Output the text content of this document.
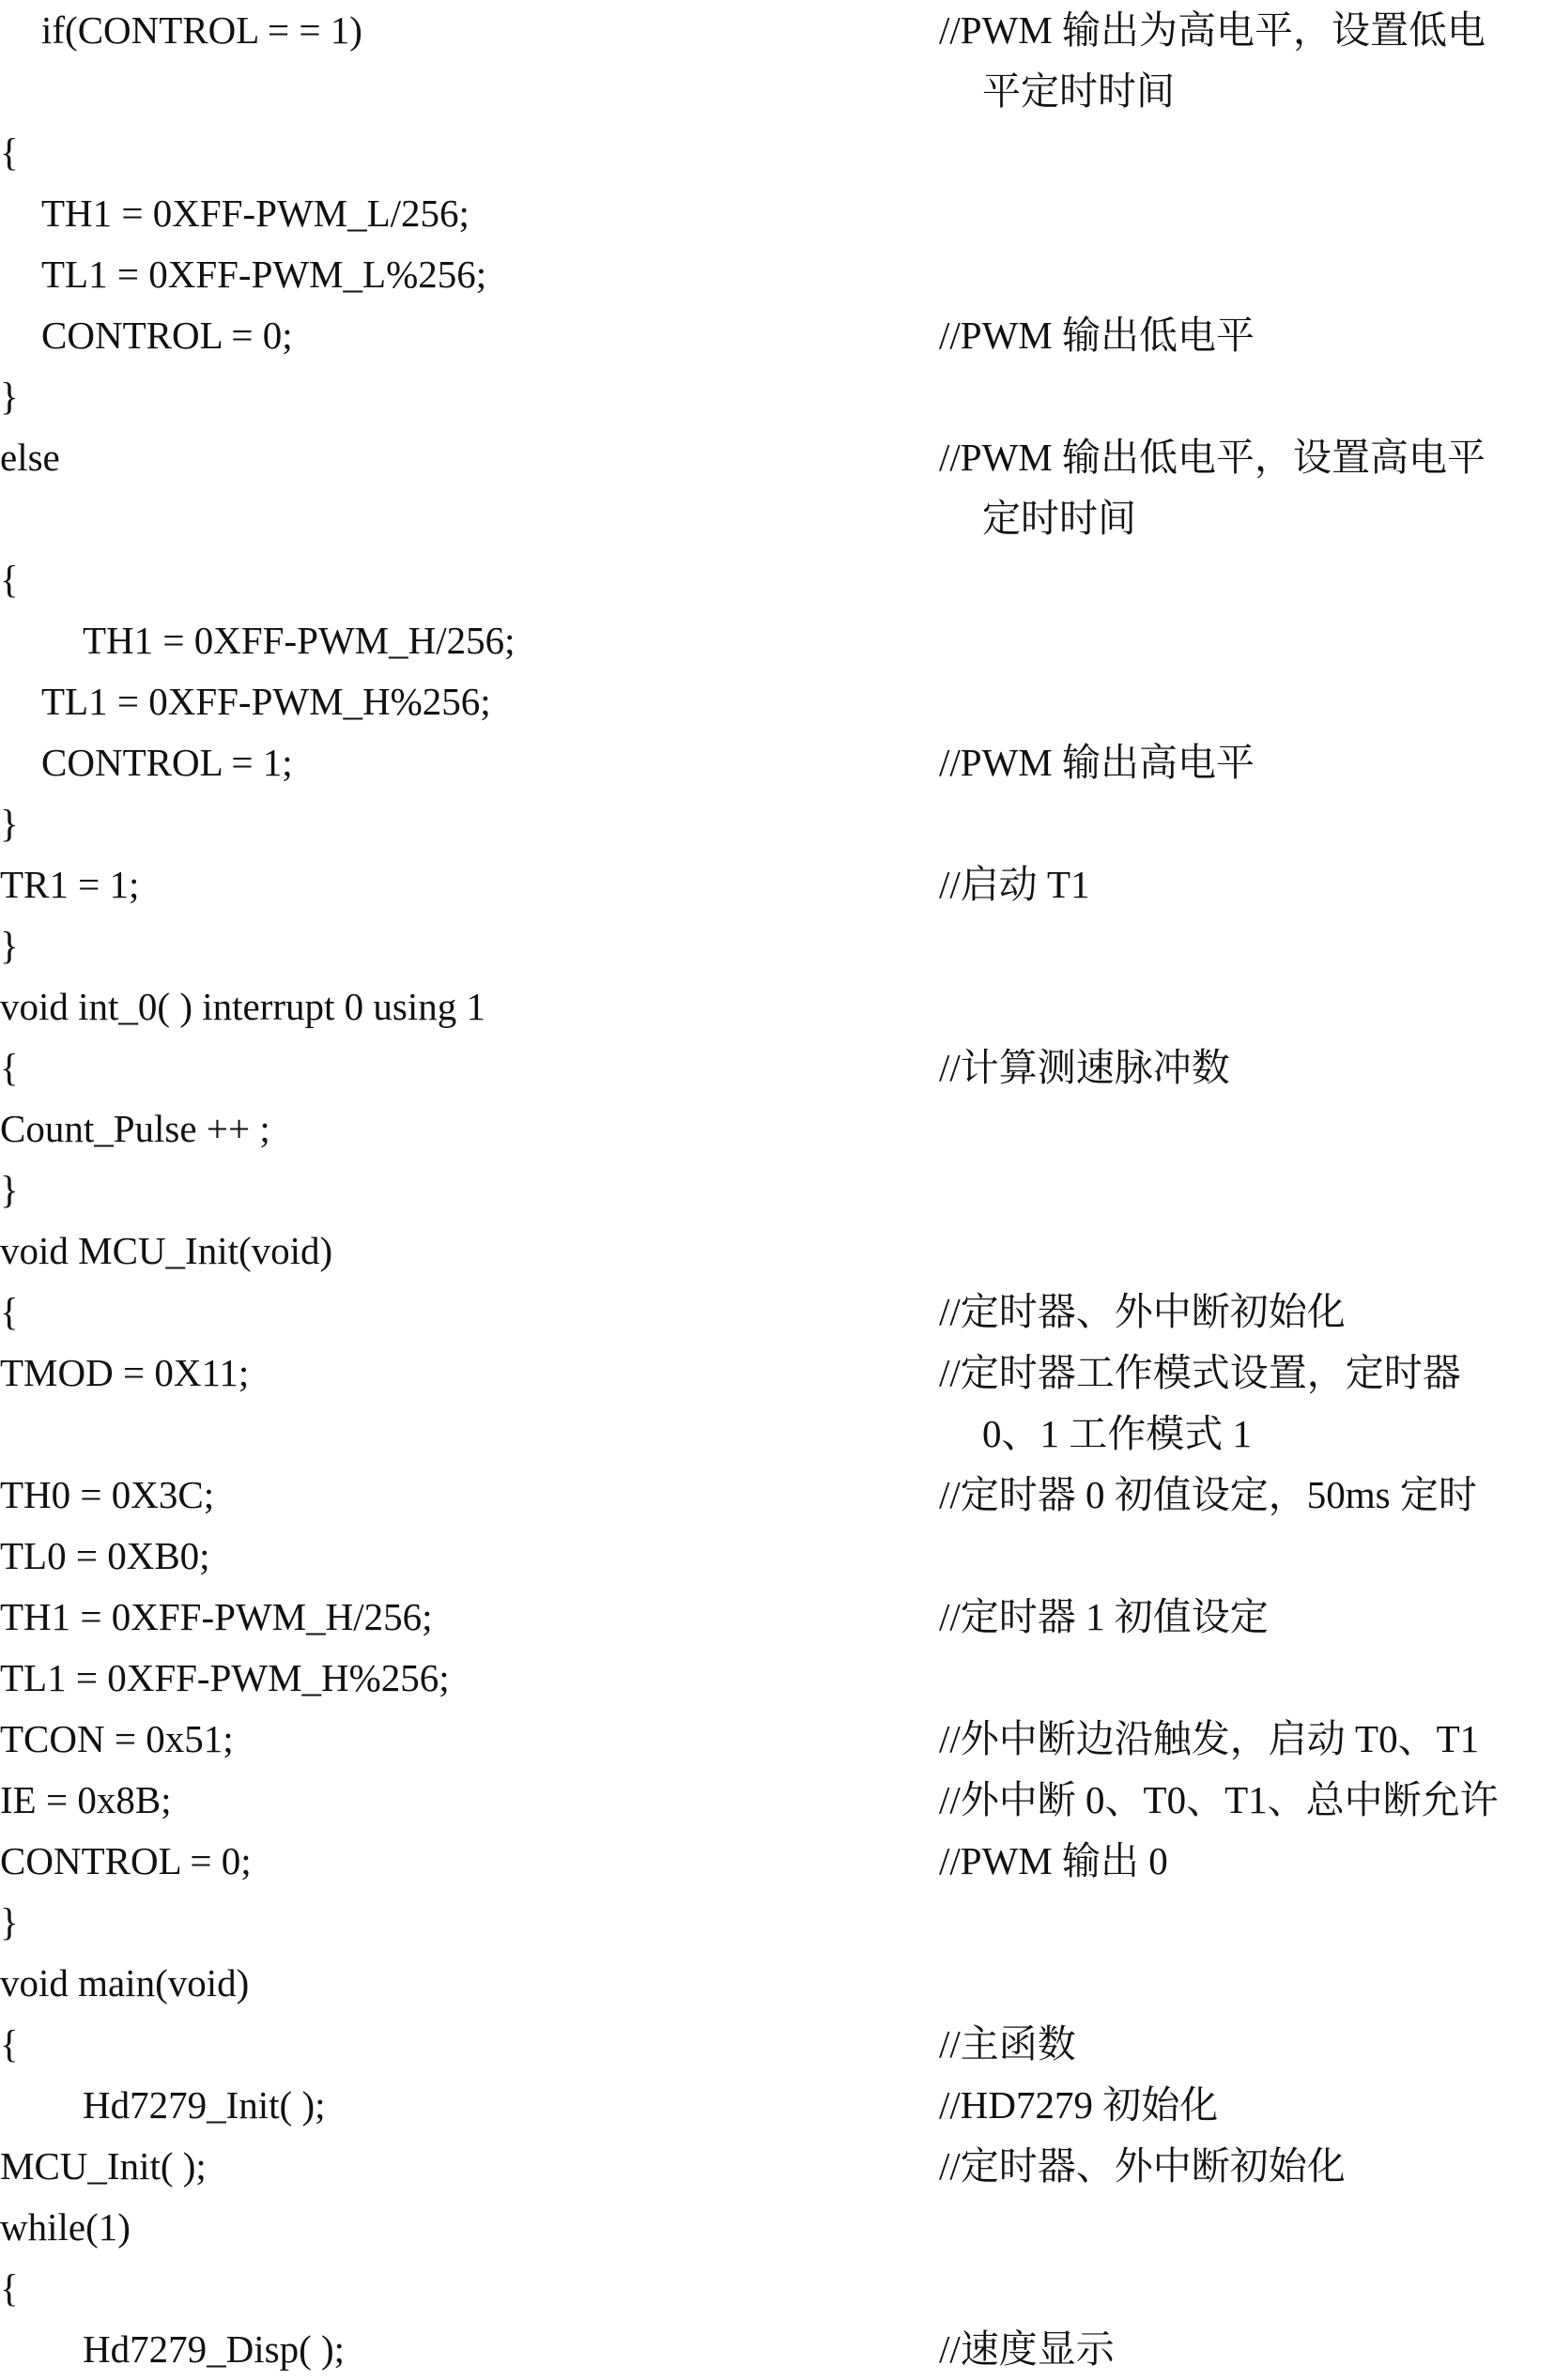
if(CONTROL = = 1)	//PWM 输出为高电平，设置低电
平定时时间
{
TH1 = 0XFF-PWM_L/256;
TL1 = 0XFF-PWM_L%256;
CONTROL = 0;	//PWM 输出低电平
}
else	//PWM 输出低电平，设置高电平
定时时间
{
TH1 = 0XFF-PWM_H/256;
TL1 = 0XFF-PWM_H%256;
CONTROL = 1;	//PWM 输出高电平
}
TR1 = 1;	//启动 T1
}
void int_0( ) interrupt 0 using 1
{	//计算测速脉冲数
Count_Pulse ++ ;
}
void MCU_Init(void)
{	//定时器、外中断初始化
TMOD = 0X11;	//定时器工作模式设置，定时器
0、1 工作模式 1
TH0 = 0X3C;	//定时器 0 初值设定，50ms 定时
TL0 = 0XB0;
TH1 = 0XFF-PWM_H/256;	//定时器 1 初值设定
TL1 = 0XFF-PWM_H%256;
TCON = 0x51;	//外中断边沿触发，启动 T0、T1
IE = 0x8B;	//外中断 0、T0、T1、总中断允许
CONTROL = 0;	//PWM 输出 0
}
void main(void)
{	//主函数
Hd7279_Init( );	//HD7279 初始化
MCU_Init( );	//定时器、外中断初始化
while(1)
{
Hd7279_Disp( );	//速度显示
